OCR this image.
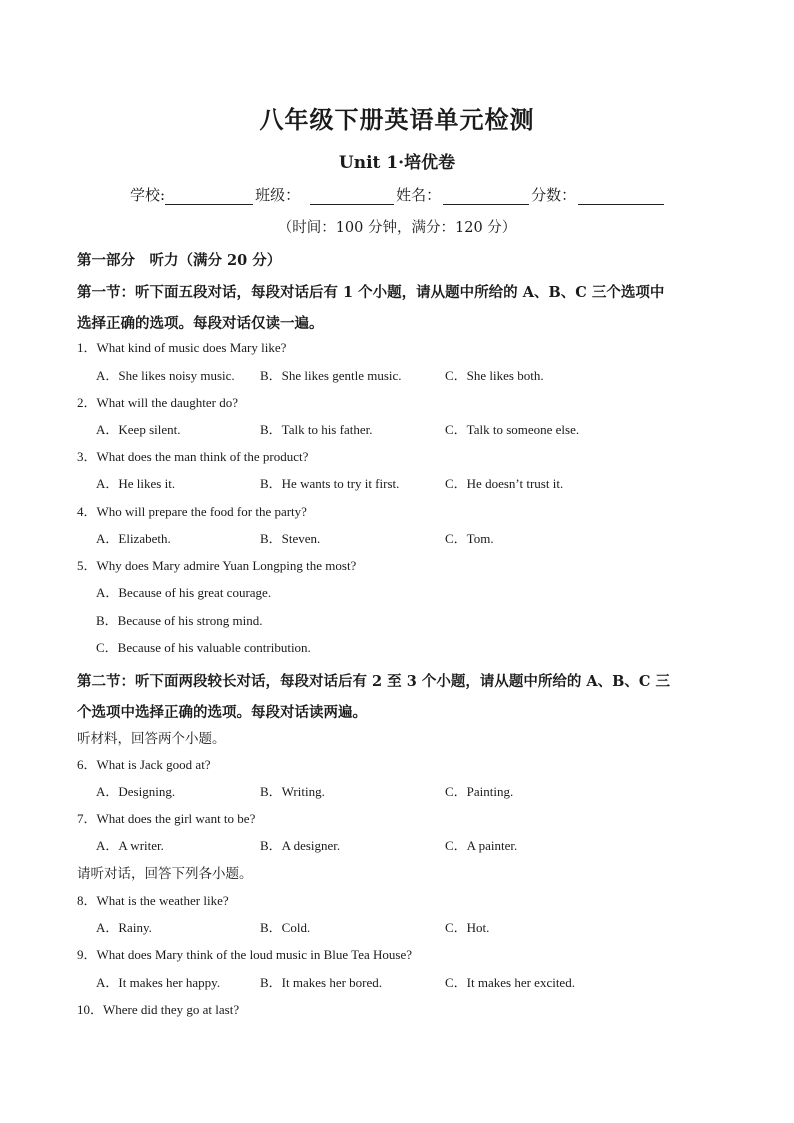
八年级下册英语单元检测
Unit 1·培优卷
学校:	班级：	姓名：	分数：
（时间：100 分钟，满分：120 分）
第一部分　听力（满分 20 分）
第一节：听下面五段对话，每段对话后有 1 个小题，请从题中所给的 A、B、C 三个选项中
选择正确的选项。每段对话仅读一遍。
1．What kind of music does Mary like?
A．She likes noisy music. B．She likes gentle music.	C．She likes both.
2．What will the daughter do?
A．Keep silent.	B．Talk to his father.	C．Talk to someone else.
3．What does the man think of the product?
A．He likes it.	B．He wants to try it first.	C．He doesn’t trust it.
4．Who will prepare the food for the party?
A．Elizabeth.	B．Steven.	C．Tom.
5．Why does Mary admire Yuan Longping the most?
A．Because of his great courage.
B．Because of his strong mind.
C．Because of his valuable contribution.
第二节：听下面两段较长对话，每段对话后有 2 至 3 个小题，请从题中所给的 A、B、C 三
个选项中选择正确的选项。每段对话读两遍。
听材料，回答两个小题。
6．What is Jack good at?
A．Designing.	B．Writing.	C．Painting.
7．What does the girl want to be?
A．A writer.	B．A designer.	C．A painter.
请听对话，回答下列各小题。
8．What is the weather like?
A．Rainy.	B．Cold.	C．Hot.
9．What does Mary think of the loud music in Blue Tea House?
A．It makes her happy.	B．It makes her bored.	C．It makes her excited.
10．Where did they go at last?
